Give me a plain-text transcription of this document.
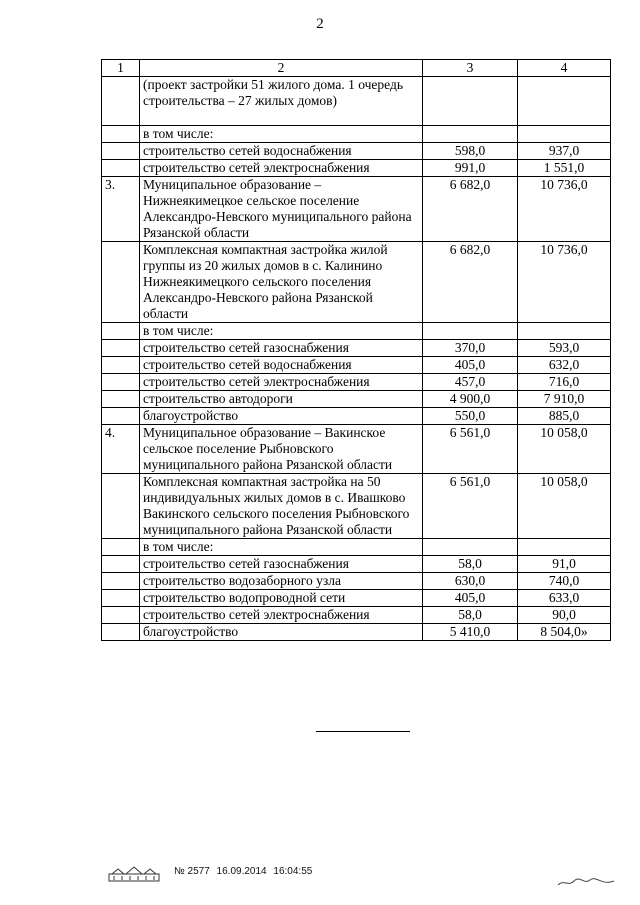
2
1	2	3	4
	(проект застройки 51 жилого дома. 1 очередь строительства – 27 жилых домов)		
	в том числе:		
	строительство сетей водоснабжения	598,0	937,0
	строительство сетей электроснабжения	991,0	1 551,0
3.	Муниципальное образование – Нижнеякимецкое сельское поселение Александро-Невского муниципального района Рязанской области	6 682,0	10 736,0
	Комплексная компактная застройка жилой группы из 20 жилых домов в с. Калинино Нижнеякимецкого сельского поселения Александро-Невского района Рязанской области	6 682,0	10 736,0
	в том числе:		
	строительство сетей газоснабжения	370,0	593,0
	строительство сетей водоснабжения	405,0	632,0
	строительство сетей электроснабжения	457,0	716,0
	строительство автодороги	4 900,0	7 910,0
	благоустройство	550,0	885,0
4.	Муниципальное образование – Вакинское сельское поселение Рыбновского муниципального района Рязанской области	6 561,0	10 058,0
	Комплексная компактная застройка на 50 индивидуальных жилых домов в с. Ивашково Вакинского сельского поселения Рыбновского муниципального района Рязанской области	6 561,0	10 058,0
	в том числе:		
	строительство сетей газоснабжения	58,0	91,0
	строительство водозаборного узла	630,0	740,0
	строительство водопроводной сети	405,0	633,0
	строительство сетей электроснабжения	58,0	90,0
	благоустройство	5 410,0	8 504,0»
№ 2577 16.09.2014 16:04:55
